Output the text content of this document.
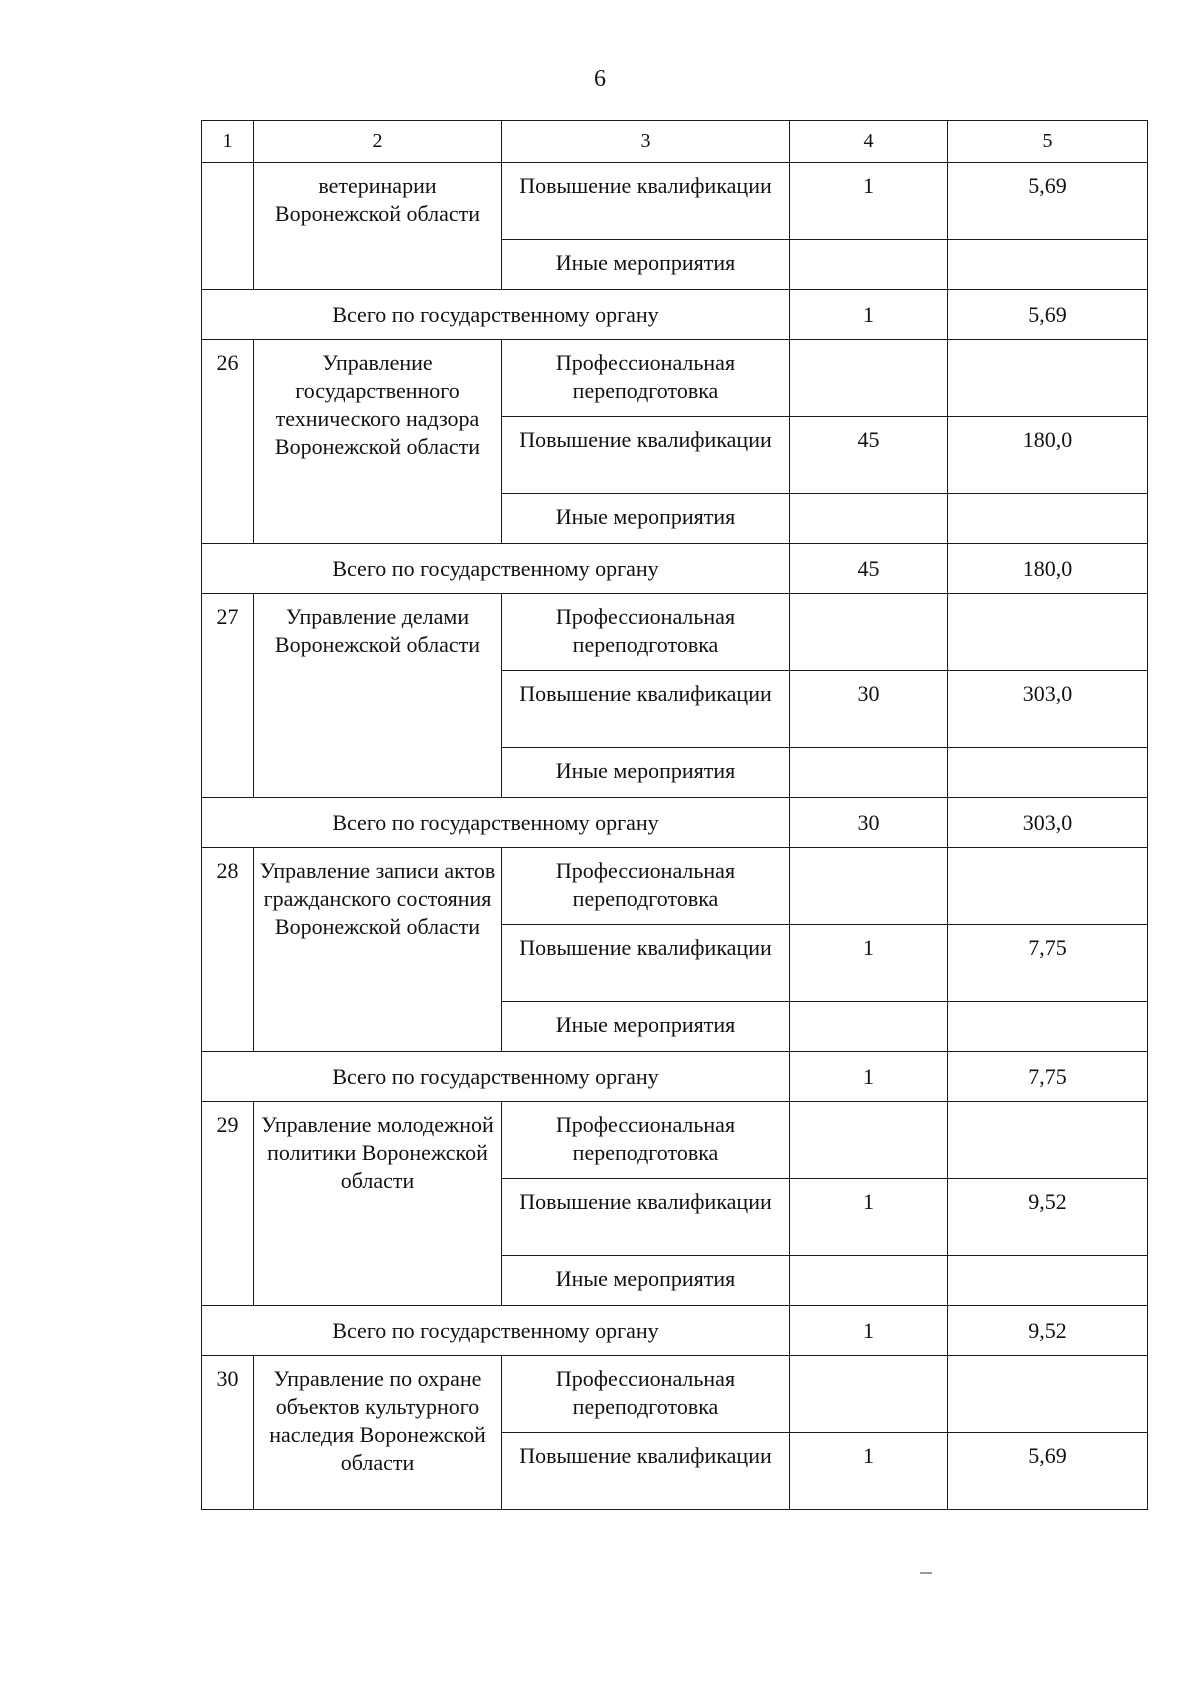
6
1	2	3	4	5
	ветеринарии Воронежской области	Повышение квалификации	1	5,69
		Иные мероприятия		
Всего по государственному органу			1	5,69
26	Управление государственного технического надзора Воронежской области	Профессиональная переподготовка		
		Повышение квалификации	45	180,0
		Иные мероприятия		
Всего по государственному органу			45	180,0
27	Управление делами Воронежской области	Профессиональная переподготовка		
		Повышение квалификации	30	303,0
		Иные мероприятия		
Всего по государственному органу			30	303,0
28	Управление записи актов гражданского состояния Воронежской области	Профессиональная переподготовка		
		Повышение квалификации	1	7,75
		Иные мероприятия		
Всего по государственному органу			1	7,75
29	Управление молодежной политики Воронежской области	Профессиональная переподготовка		
		Повышение квалификации	1	9,52
		Иные мероприятия		
Всего по государственному органу			1	9,52
30	Управление по охране объектов культурного наследия Воронежской области	Профессиональная переподготовка		
		Повышение квалификации	1	5,69
